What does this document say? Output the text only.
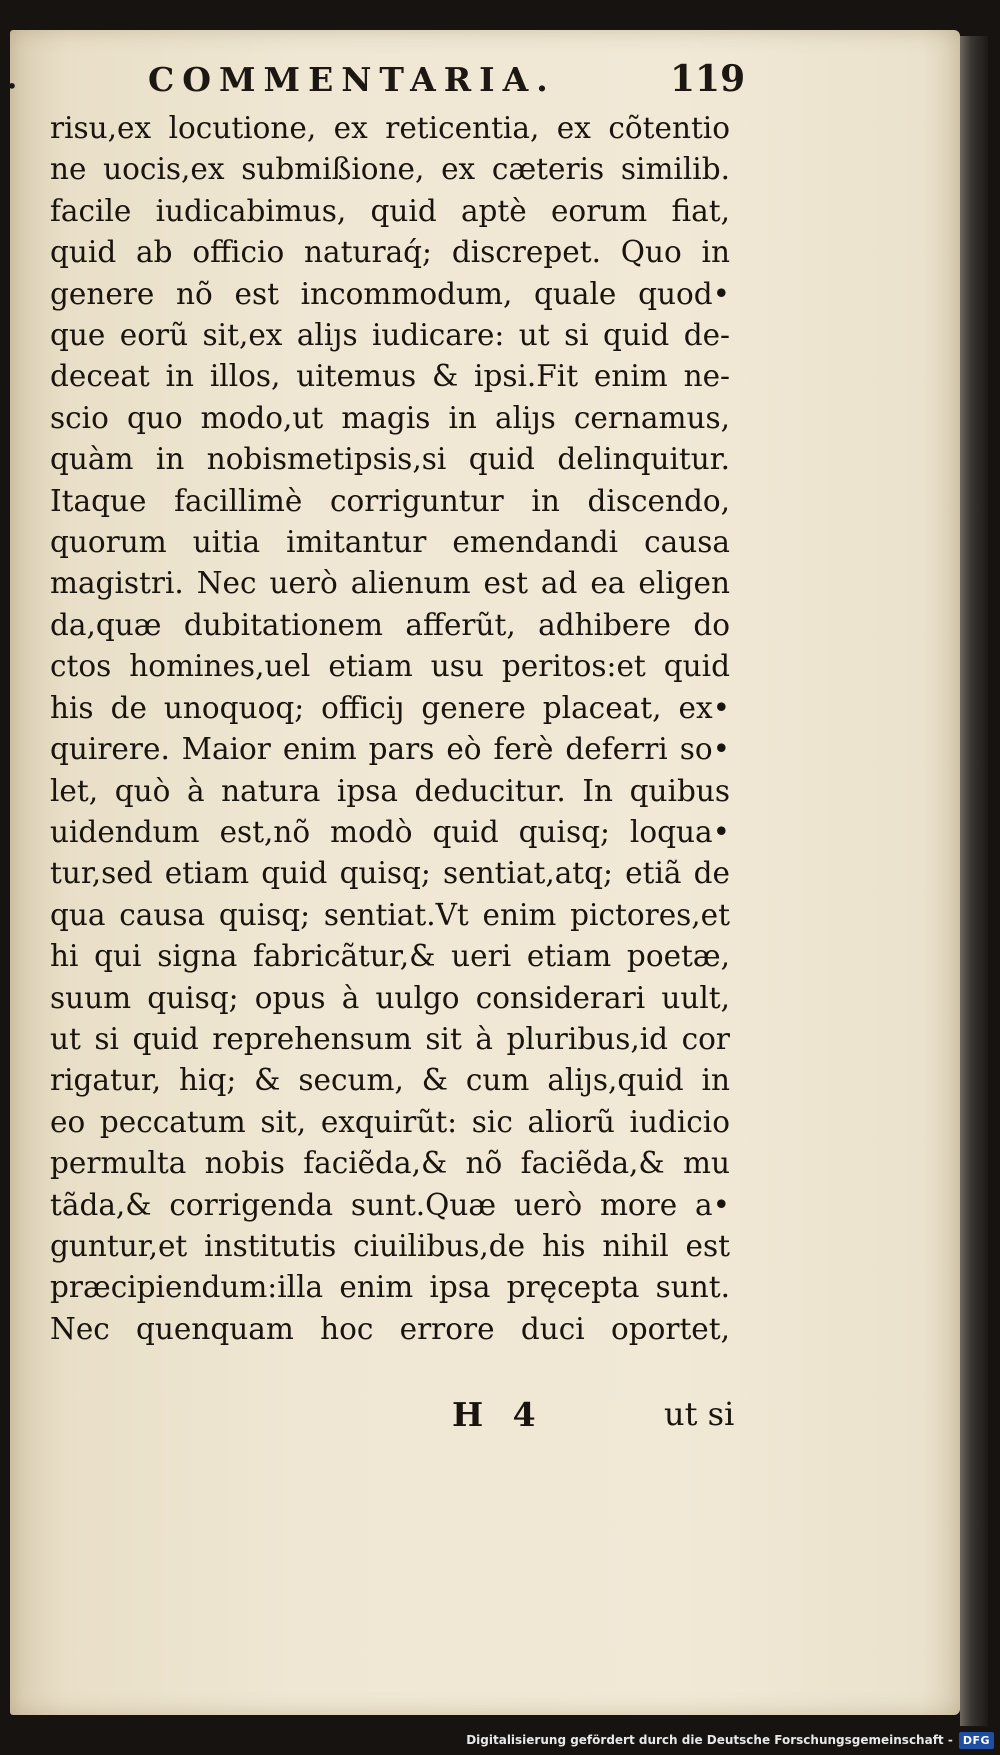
•	COMMENTARIA.	119
risu,ex locutione, ex reticentia, ex cõtentio
ne uocis,ex submißione, ex cæteris similib.
facile iudicabimus, quid aptè eorum fiat,
quid ab officio naturaq́; discrepet. Quo in
genere nõ est incommodum, quale quod•
que eorũ sit,ex aliȷs iudicare: ut si quid de-
deceat in illos, uitemus & ipsi.Fit enim ne-
scio quo modo,ut magis in aliȷs cernamus,
quàm in nobismetipsis,si quid delinquitur.
Itaque facillimè corriguntur in discendo,
quorum uitia imitantur emendandi causa
magistri. Nec uerò alienum est ad ea eligen
da,quæ dubitationem afferũt, adhibere do
ctos homines,uel etiam usu peritos:et quid
his de unoquoq; officiȷ genere placeat, ex•
quirere. Maior enim pars eò ferè deferri so•
let, quò à natura ipsa deducitur. In quibus
uidendum est,nõ modò quid quisq; loqua•
tur,sed etiam quid quisq; sentiat,atq; etiã de
qua causa quisq; sentiat.Vt enim pictores,et
hi qui signa fabricãtur,& ueri etiam poetæ,
suum quisq; opus à uulgo considerari uult,
ut si quid reprehensum sit à pluribus,id cor
rigatur, hiq; & secum, & cum aliȷs,quid in
eo peccatum sit, exquirũt: sic aliorũ iudicio
permulta nobis faciẽda,& nõ faciẽda,& mu
tãda,& corrigenda sunt.Quæ uerò more a•
guntur,et institutis ciuilibus,de his nihil est
præcipiendum:illa enim ipsa pręcepta sunt.
Nec quenquam hoc errore duci oportet,
H 4	ut si
Digitalisierung gefördert durch die Deutsche Forschungsgemeinschaft - DFG
